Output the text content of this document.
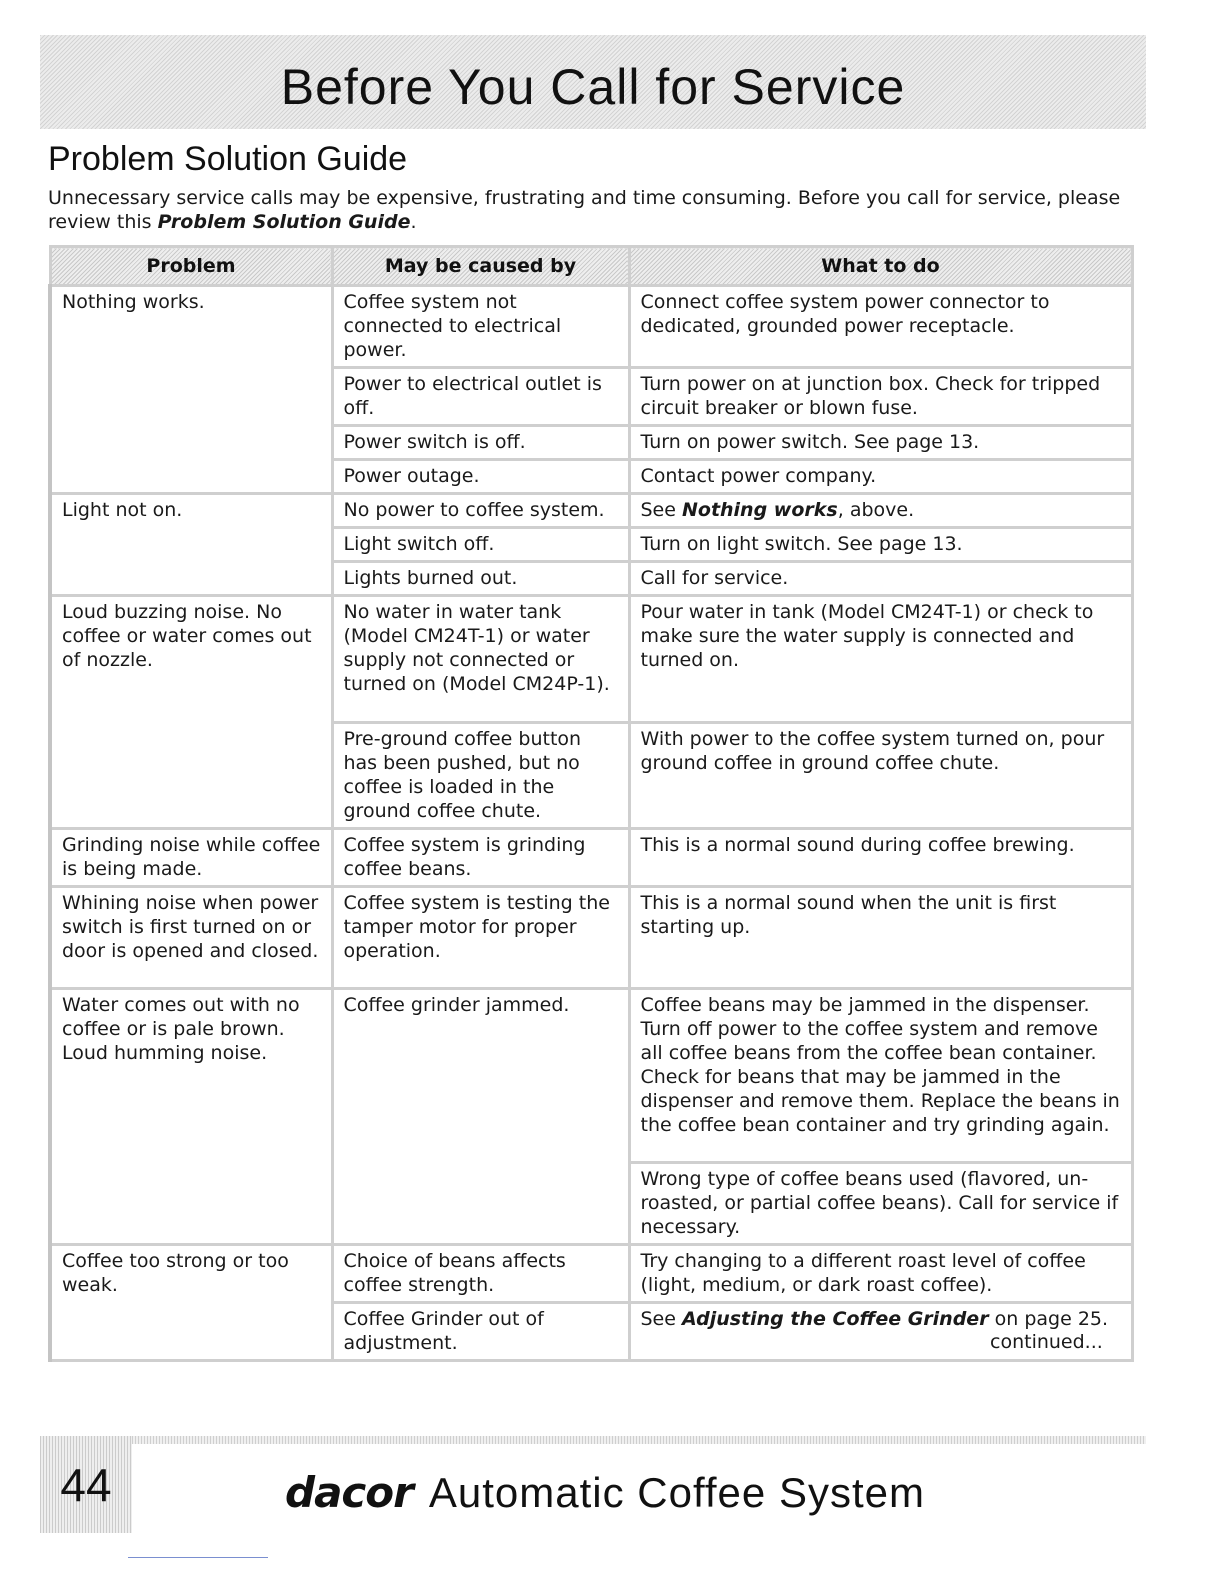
Before You Call for Service
Problem Solution Guide
Unnecessary service calls may be expensive, frustrating and time consuming. Before you call for service, please review this Problem Solution Guide.
Problem	May be caused by	What to do
Nothing works.	Coffee system not connected to electrical power.	Connect coffee system power connector to dedicated, grounded power receptacle.
	Power to electrical outlet is off.	Turn power on at junction box. Check for tripped circuit breaker or blown fuse.
	Power switch is off.	Turn on power switch. See page 13.
	Power outage.	Contact power company.
Light not on.	No power to coffee system.	See Nothing works, above.
	Light switch off.	Turn on light switch. See page 13.
	Lights burned out.	Call for service.
Loud buzzing noise. No coffee or water comes out of nozzle.	No water in water tank (Model CM24T-1) or water supply not connected or turned on (Model CM24P-1).	Pour water in tank (Model CM24T-1) or check to make sure the water supply is connected and turned on.
	Pre-ground coffee button has been pushed, but no coffee is loaded in the ground coffee chute.	With power to the coffee system turned on, pour ground coffee in ground coffee chute.
Grinding noise while coffee is being made.	Coffee system is grinding coffee beans.	This is a normal sound during coffee brewing.
Whining noise when power switch is first turned on or door is opened and closed.	Coffee system is testing the tamper motor for proper operation.	This is a normal sound when the unit is first starting up.
Water comes out with no coffee or is pale brown. Loud humming noise.	Coffee grinder jammed.	Coffee beans may be jammed in the dispenser. Turn off power to the coffee system and remove all coffee beans from the coffee bean container. Check for beans that may be jammed in the dispenser and remove them. Replace the beans in the coffee bean container and try grinding again.
		Wrong type of coffee beans used (flavored, un-roasted, or partial coffee beans). Call for service if necessary.
Coffee too strong or too weak.	Choice of beans affects coffee strength.	Try changing to a different roast level of coffee (light, medium, or dark roast coffee).
	Coffee Grinder out of adjustment.	See Adjusting the Coffee Grinder on page 25.
continued...
44	dacor Automatic Coffee System
